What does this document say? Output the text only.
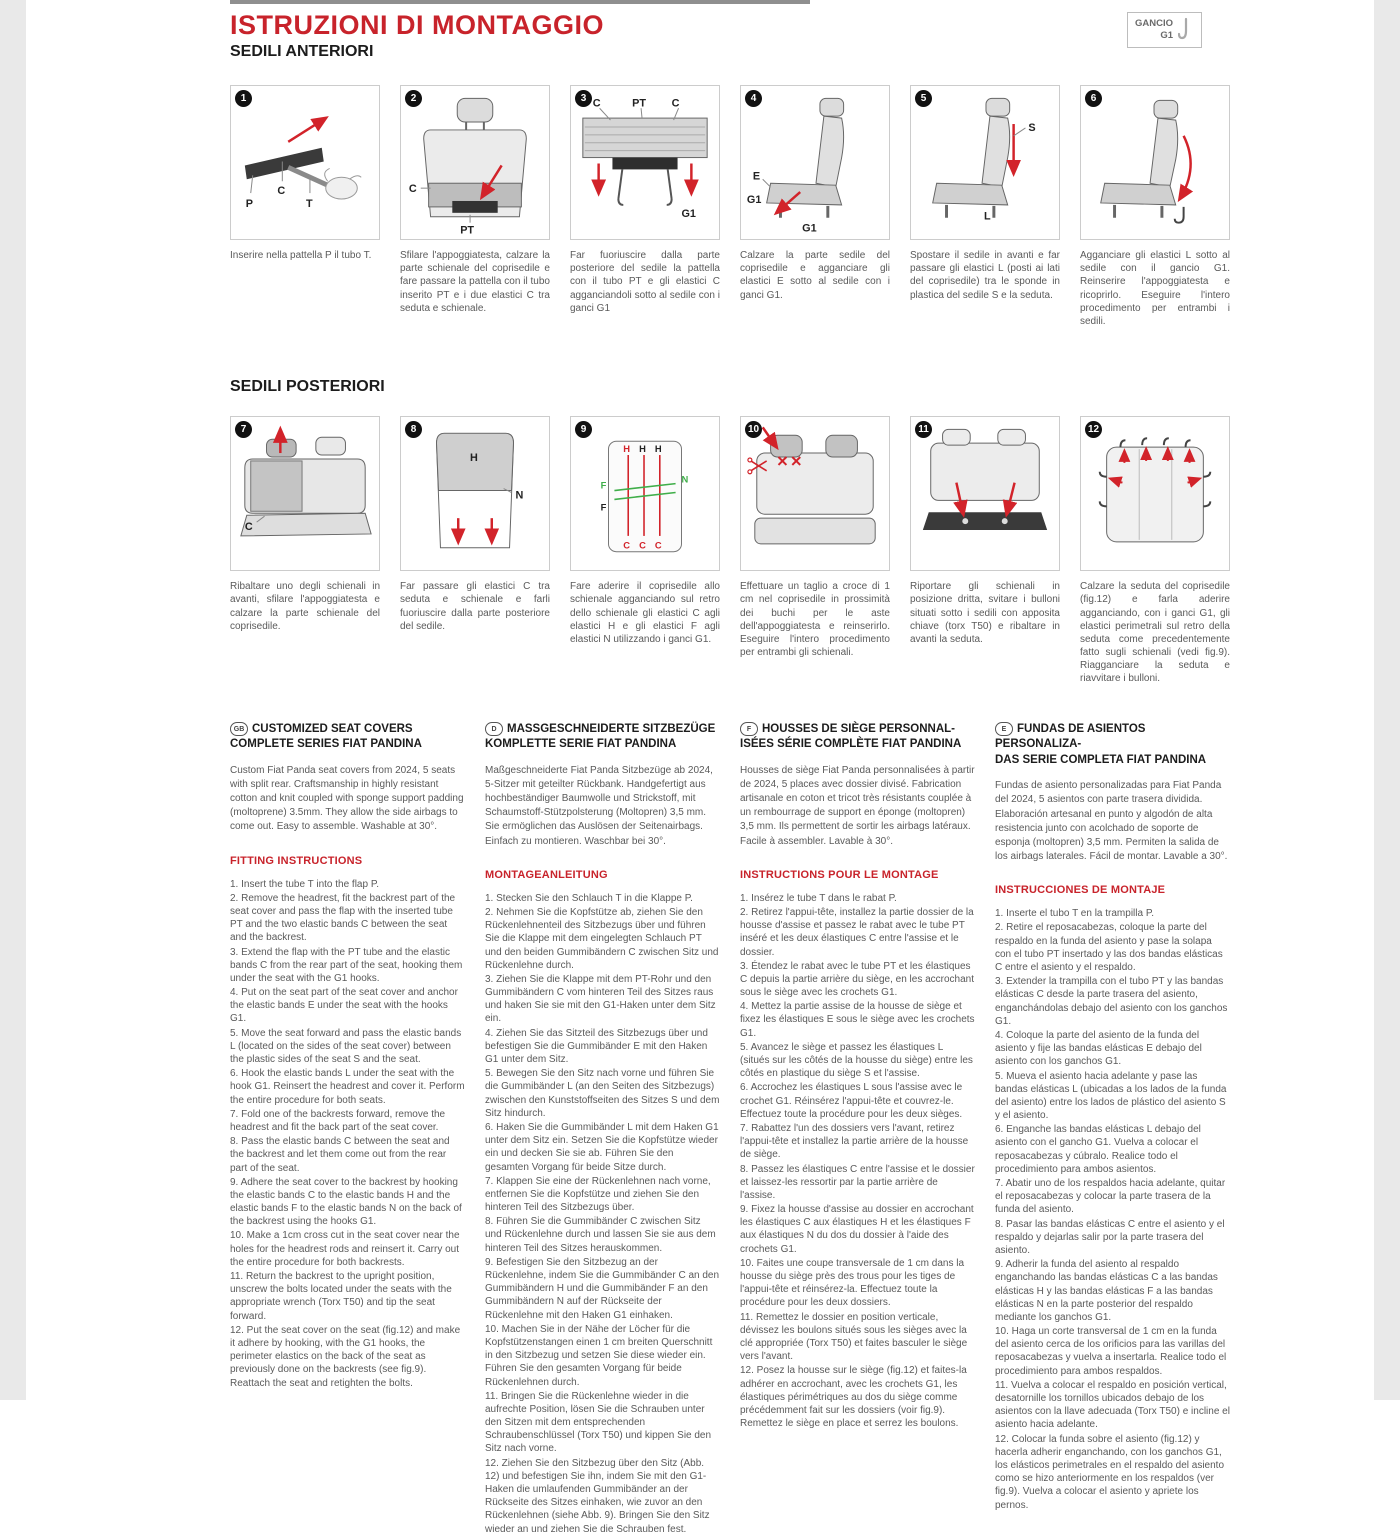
ISTRUZIONI DI MONTAGGIO
SEDILI ANTERIORI
GANCIO
G1
1
P
C
T

Inserire nella pattella P il tubo T.

2
C
PT

Sfilare l'appoggiatesta, calzare la parte schienale del coprisedile e fare passare la pattella con il tubo inserito PT e i due elastici C tra seduta e schienale.

3 C	PT C
G1

Far fuoriuscire dalla parte posteriore del sedile la pattella con il tubo PT e gli elastici C agganciandoli sotto al sedile con i ganci G1

4
E
G1
G1

Calzare la parte sedile del coprisedile e agganciare gli elastici E sotto al sedile con i ganci G1.

5
S
L

Spostare il sedile in avanti e far passare gli elastici L (posti ai lati del coprisedile) tra le sponde in plastica del sedile S e la seduta.

6

Agganciare gli elastici L sotto al sedile con il gancio G1. Reinserire l'appoggiatesta e ricoprirlo. Eseguire l'intero procedimento per entrambi i sedili.

SEDILI POSTERIORI
7
C

Ribaltare uno degli schienali in avanti, sfilare l'appoggiatesta e calzare la parte schienale del coprisedile.

8
H
N

Far passare gli elastici C tra seduta e schienale e farli fuoriuscire dalla parte posteriore del sedile.

9
H H H
F
N
F
C C C

Fare aderire il coprisedile allo schienale agganciando sul retro dello schienale gli elastici C agli elastici H e gli elastici F agli elastici N utilizzando i ganci G1.

10

Effettuare un taglio a croce di 1 cm nel coprisedile in prossimità dei buchi per le aste dell'appoggiatesta e reinserirlo. Eseguire l'intero procedimento per entrambi gli schienali.

11

Riportare gli schienali in posizione dritta, svitare i bulloni situati sotto i sedili con apposita chiave (torx T50) e ribaltare in avanti la seduta.

12

Calzare la seduta del coprisedile (fig.12) e farla aderire agganciando, con i ganci G1, gli elastici perimetrali sul retro della seduta come precedentemente fatto sugli schienali (vedi fig.9). Riagganciare la seduta e riavvitare i bulloni.

GB CUSTOMIZED SEAT COVERS
COMPLETE SERIES FIAT PANDINA

Custom Fiat Panda seat covers from 2024, 5 seats with split rear. Craftsmanship in highly resistant cotton and knit coupled with sponge support padding (moltoprene) 3.5mm. They allow the side airbags to come out. Easy to assemble. Washable at 30°.

FITTING INSTRUCTIONS

1. Insert the tube T into the flap P.

2. Remove the headrest, fit the backrest part of the seat cover and pass the flap with the inserted tube PT and the two elastic bands C between the seat and the backrest.

3. Extend the flap with the PT tube and the elastic bands C from the rear part of the seat, hooking them under the seat with the G1 hooks.

4. Put on the seat part of the seat cover and anchor the elastic bands E under the seat with the hooks G1.

5. Move the seat forward and pass the elastic bands L (located on the sides of the seat cover) between the plastic sides of the seat S and the seat.

6. Hook the elastic bands L under the seat with the hook G1. Reinsert the headrest and cover it. Perform the entire procedure for both seats.

7. Fold one of the backrests forward, remove the headrest and fit the back part of the seat cover.

8. Pass the elastic bands C between the seat and the backrest and let them come out from the rear part of the seat.

9. Adhere the seat cover to the backrest by hooking the elastic bands C to the elastic bands H and the elastic bands F to the elastic bands N on the back of the backrest using the hooks G1.

10. Make a 1cm cross cut in the seat cover near the holes for the headrest rods and reinsert it. Carry out the entire procedure for both backrests.

11. Return the backrest to the upright position, unscrew the bolts located under the seats with the appropriate wrench (Torx T50) and tip the seat forward.

12. Put the seat cover on the seat (fig.12) and make it adhere by hooking, with the G1 hooks, the perimeter elastics on the back of the seat as previously done on the backrests (see fig.9). Reattach the seat and retighten the bolts.

D MASSGESCHNEIDERTE SITZBEZÜGE
KOMPLETTE SERIE FIAT PANDINA

Maßgeschneiderte Fiat Panda Sitzbezüge ab 2024, 5-Sitzer mit geteilter Rückbank. Handgefertigt aus hochbeständiger Baumwolle und Strickstoff, mit Schaumstoff-Stützpolsterung (Moltopren) 3,5 mm. Sie ermöglichen das Auslösen der Seitenairbags. Einfach zu montieren. Waschbar bei 30°.

MONTAGEANLEITUNG

1. Stecken Sie den Schlauch T in die Klappe P.

2. Nehmen Sie die Kopfstütze ab, ziehen Sie den Rückenlehnenteil des Sitzbezugs über und führen Sie die Klappe mit dem eingelegten Schlauch PT und den beiden Gummibändern C zwischen Sitz und Rückenlehne durch.

3. Ziehen Sie die Klappe mit dem PT-Rohr und den Gummibändern C vom hinteren Teil des Sitzes raus und haken Sie sie mit den G1-Haken unter dem Sitz ein.

4. Ziehen Sie das Sitzteil des Sitzbezugs über und befestigen Sie die Gummibänder E mit den Haken G1 unter dem Sitz.

5. Bewegen Sie den Sitz nach vorne und führen Sie die Gummibänder L (an den Seiten des Sitzbezugs) zwischen den Kunststoffseiten des Sitzes S und dem Sitz hindurch.

6. Haken Sie die Gummibänder L mit dem Haken G1 unter dem Sitz ein. Setzen Sie die Kopfstütze wieder ein und decken Sie sie ab. Führen Sie den gesamten Vorgang für beide Sitze durch.

7. Klappen Sie eine der Rückenlehnen nach vorne, entfernen Sie die Kopfstütze und ziehen Sie den hinteren Teil des Sitzbezugs über.

8. Führen Sie die Gummibänder C zwischen Sitz und Rückenlehne durch und lassen Sie sie aus dem hinteren Teil des Sitzes herauskommen.

9. Befestigen Sie den Sitzbezug an der Rückenlehne, indem Sie die Gummibänder C an den Gummibändern H und die Gummibänder F an den Gummibändern N auf der Rückseite der Rückenlehne mit den Haken G1 einhaken.

10. Machen Sie in der Nähe der Löcher für die Kopfstützenstangen einen 1 cm breiten Querschnitt in den Sitzbezug und setzen Sie diese wieder ein. Führen Sie den gesamten Vorgang für beide Rückenlehnen durch.

11. Bringen Sie die Rückenlehne wieder in die aufrechte Position, lösen Sie die Schrauben unter den Sitzen mit dem entsprechenden Schraubenschlüssel (Torx T50) und kippen Sie den Sitz nach vorne.

12. Ziehen Sie den Sitzbezug über den Sitz (Abb. 12) und befestigen Sie ihn, indem Sie mit den G1-Haken die umlaufenden Gummibänder an der Rückseite des Sitzes einhaken, wie zuvor an den Rückenlehnen (siehe Abb. 9). Bringen Sie den Sitz wieder an und ziehen Sie die Schrauben fest.

F HOUSSES DE SIÈGE PERSONNAL-
ISÉES SÉRIE COMPLÈTE FIAT PANDINA

Housses de siège Fiat Panda personnalisées à partir de 2024, 5 places avec dossier divisé. Fabrication artisanale en coton et tricot très résistants couplée à un rembourrage de support en éponge (moltopren) 3,5 mm. Ils permettent de sortir les airbags latéraux. Facile à assembler. Lavable à 30°.

INSTRUCTIONS POUR LE MONTAGE

1. Insérez le tube T dans le rabat P.

2. Retirez l'appui-tête, installez la partie dossier de la housse d'assise et passez le rabat avec le tube PT inséré et les deux élastiques C entre l'assise et le dossier.

3. Étendez le rabat avec le tube PT et les élastiques C depuis la partie arrière du siège, en les accrochant sous le siège avec les crochets G1.

4. Mettez la partie assise de la housse de siège et fixez les élastiques E sous le siège avec les crochets G1.

5. Avancez le siège et passez les élastiques L (situés sur les côtés de la housse du siège) entre les côtés en plastique du siège S et l'assise.

6. Accrochez les élastiques L sous l'assise avec le crochet G1. Réinsérez l'appui-tête et couvrez-le. Effectuez toute la procédure pour les deux sièges.

7. Rabattez l'un des dossiers vers l'avant, retirez l'appui-tête et installez la partie arrière de la housse de siège.

8. Passez les élastiques C entre l'assise et le dossier et laissez-les ressortir par la partie arrière de l'assise.

9. Fixez la housse d'assise au dossier en accrochant les élastiques C aux élastiques H et les élastiques F aux élastiques N du dos du dossier à l'aide des crochets G1.

10. Faites une coupe transversale de 1 cm dans la housse du siège près des trous pour les tiges de l'appui-tête et réinsérez-la. Effectuez toute la procédure pour les deux dossiers.

11. Remettez le dossier en position verticale, dévissez les boulons situés sous les sièges avec la clé appropriée (Torx T50) et faites basculer le siège vers l'avant.

12. Posez la housse sur le siège (fig.12) et faites-la adhérer en accrochant, avec les crochets G1, les élastiques périmétriques au dos du siège comme précédemment fait sur les dossiers (voir fig.9). Remettez le siège en place et serrez les boulons.

E FUNDAS DE ASIENTOS PERSONALIZA-
DAS SERIE COMPLETA FIAT PANDINA

Fundas de asiento personalizadas para Fiat Panda del 2024, 5 asientos con parte trasera dividida. Elaboración artesanal en punto y algodón de alta resistencia junto con acolchado de soporte de esponja (moltopren) 3,5 mm. Permiten la salida de los airbags laterales. Fácil de montar. Lavable a 30°.

INSTRUCCIONES DE MONTAJE

1. Inserte el tubo T en la trampilla P.

2. Retire el reposacabezas, coloque la parte del respaldo en la funda del asiento y pase la solapa con el tubo PT insertado y las dos bandas elásticas C entre el asiento y el respaldo.

3. Extender la trampilla con el tubo PT y las bandas elásticas C desde la parte trasera del asiento, enganchándolas debajo del asiento con los ganchos G1.

4. Coloque la parte del asiento de la funda del asiento y fije las bandas elásticas E debajo del asiento con los ganchos G1.

5. Mueva el asiento hacia adelante y pase las bandas elásticas L (ubicadas a los lados de la funda del asiento) entre los lados de plástico del asiento S y el asiento.

6. Enganche las bandas elásticas L debajo del asiento con el gancho G1. Vuelva a colocar el reposacabezas y cúbralo. Realice todo el procedimiento para ambos asientos.

7. Abatir uno de los respaldos hacia adelante, quitar el reposacabezas y colocar la parte trasera de la funda del asiento.

8. Pasar las bandas elásticas C entre el asiento y el respaldo y dejarlas salir por la parte trasera del asiento.

9. Adherir la funda del asiento al respaldo enganchando las bandas elásticas C a las bandas elásticas H y las bandas elásticas F a las bandas elásticas N en la parte posterior del respaldo mediante los ganchos G1.

10. Haga un corte transversal de 1 cm en la funda del asiento cerca de los orificios para las varillas del reposacabezas y vuelva a insertarla. Realice todo el procedimiento para ambos respaldos.

11. Vuelva a colocar el respaldo en posición vertical, desatornille los tornillos ubicados debajo de los asientos con la llave adecuada (Torx T50) e incline el asiento hacia adelante.

12. Colocar la funda sobre el asiento (fig.12) y hacerla adherir enganchando, con los ganchos G1, los elásticos perimetrales en el respaldo del asiento como se hizo anteriormente en los respaldos (ver fig.9). Vuelva a colocar el asiento y apriete los pernos.
